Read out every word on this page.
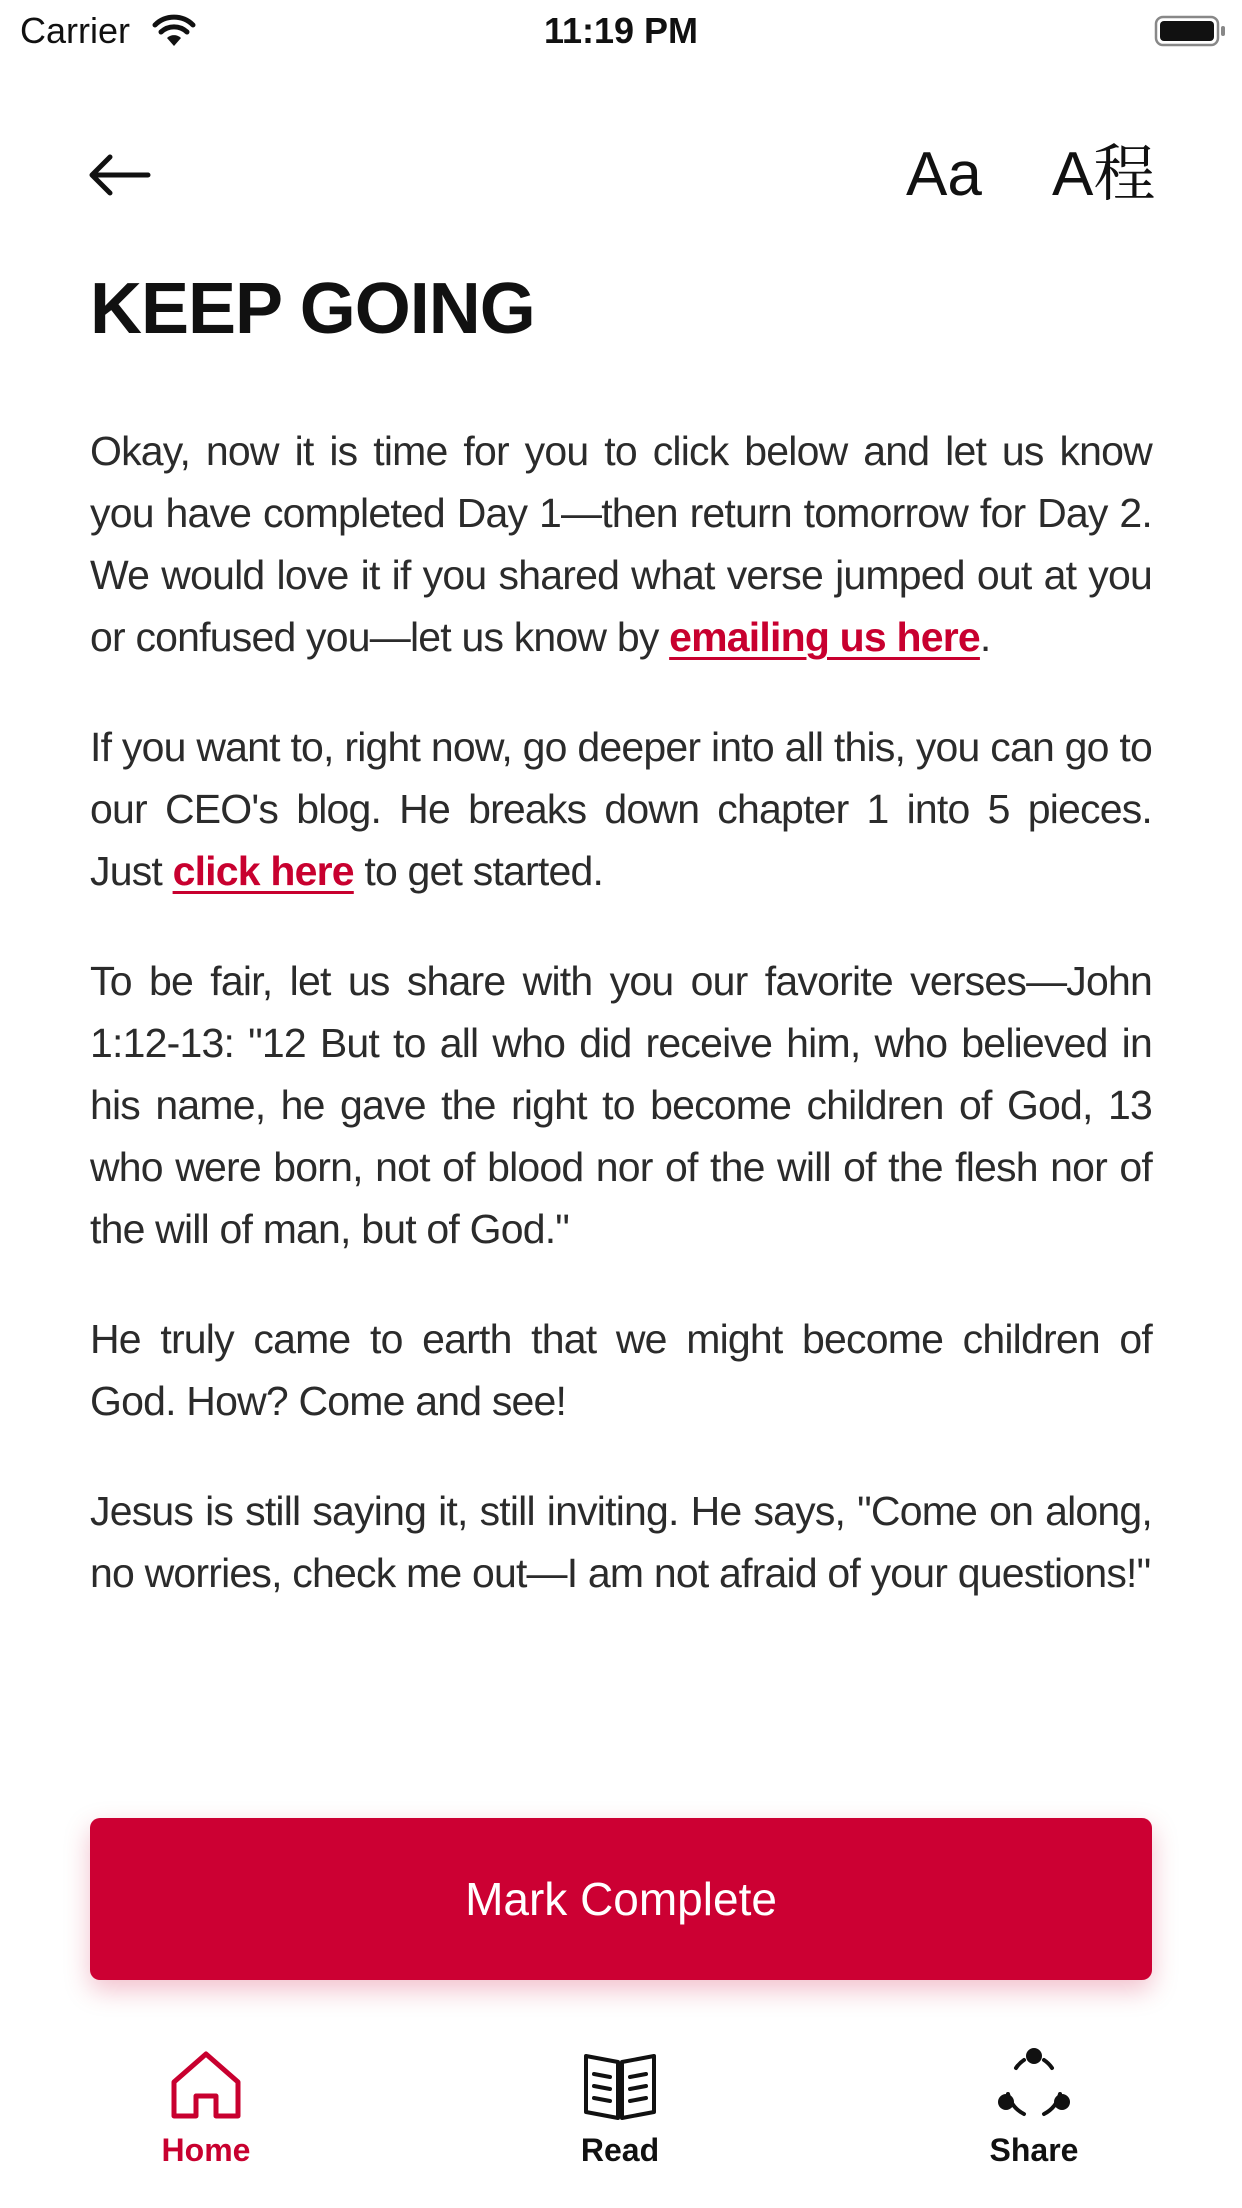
Carrier	11:19 PM
Aa A程
KEEP GOING

Okay, now it is time for you to click below and let us know you have completed Day 1—then return tomorrow for Day 2. We would love it if you shared what verse jumped out at you or confused you—let us know by emailing us here.

If you want to, right now, go deeper into all this, you can go to our CEO's blog. He breaks down chapter 1 into 5 pieces. Just click here to get started.

To be fair, let us share with you our favorite verses—John 1:12-13: "12 But to all who did receive him, who believed in his name, he gave the right to become children of God, 13 who were born, not of blood nor of the will of the flesh nor of the will of man, but of God."

He truly came to earth that we might become children of God. How? Come and see!

Jesus is still saying it, still inviting. He says, "Come on along, no worries, check me out—I am not afraid of your questions!"

Mark Complete
Home	Read	Share
